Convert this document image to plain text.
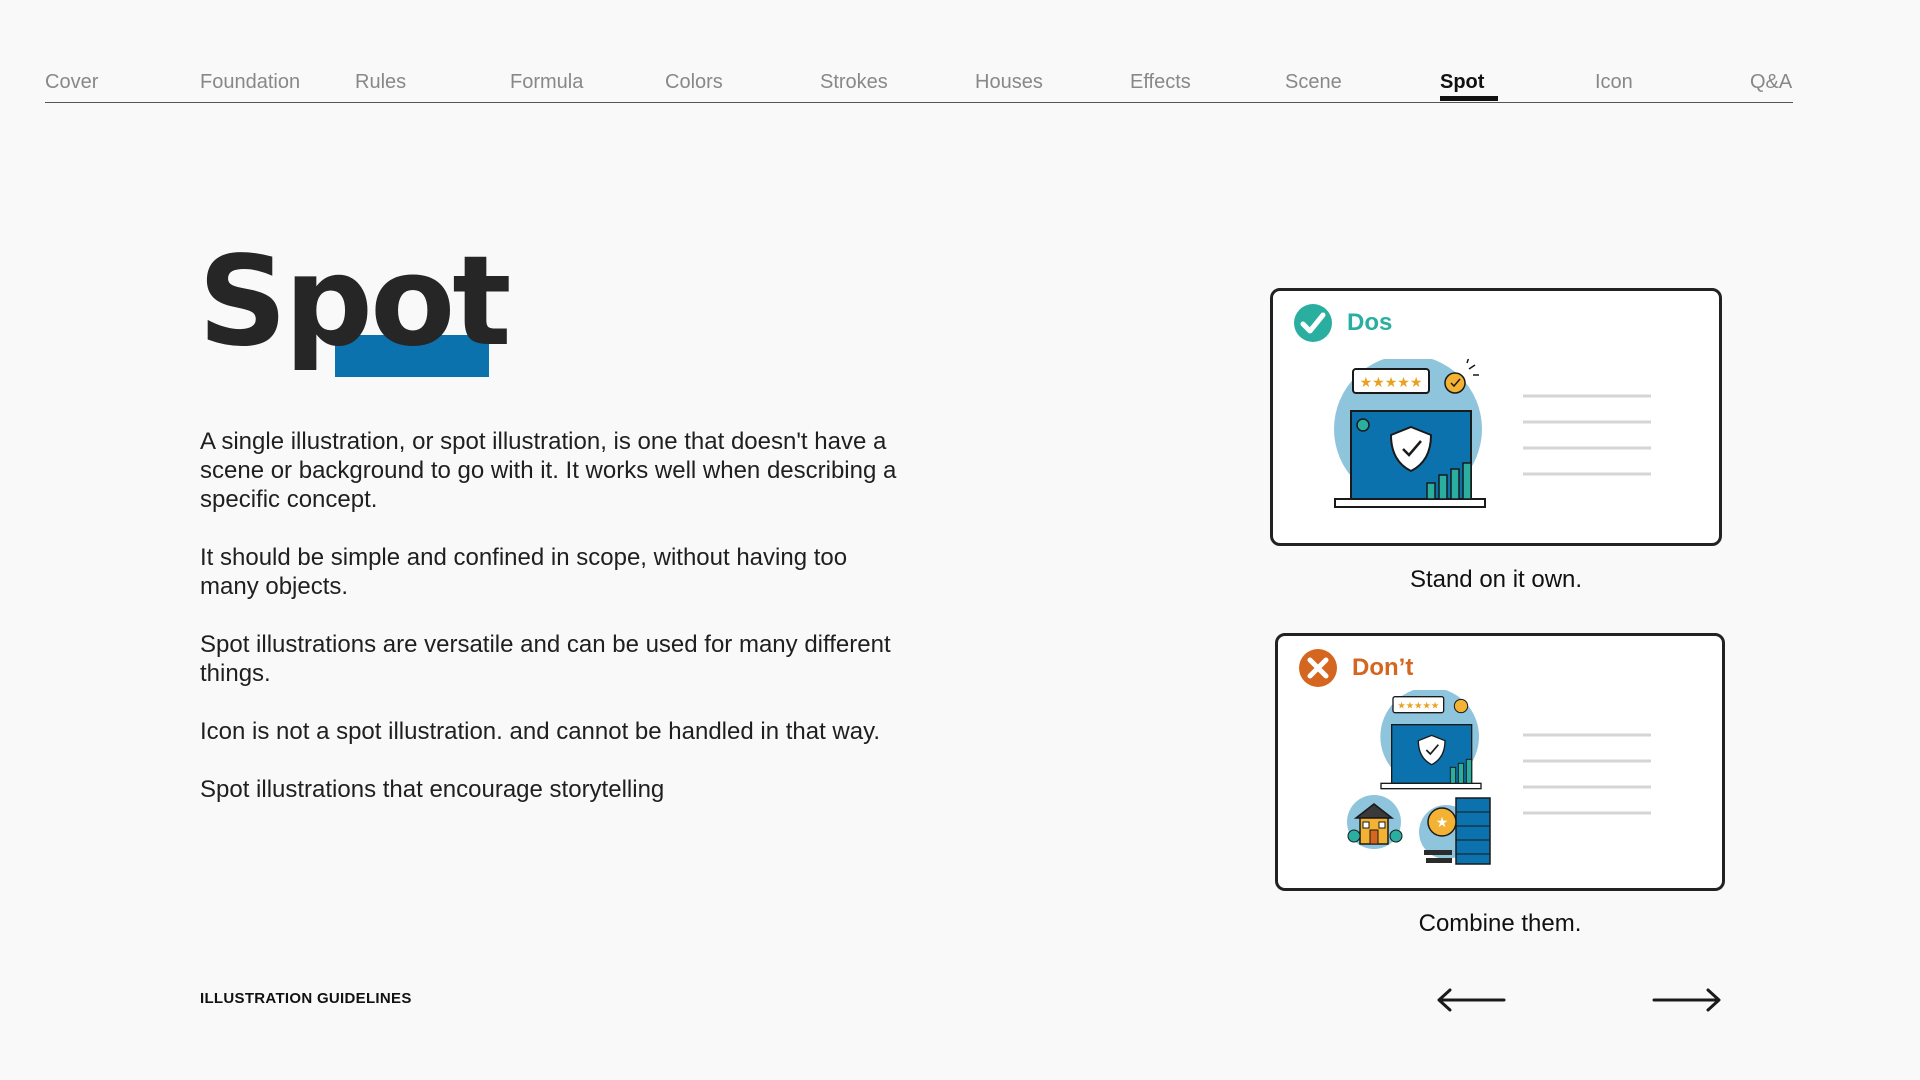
Cover	Foundation	Rules	Formula	Colors	Strokes	Houses	Effects	Scene	Spot	Icon	Q&A
Spot

A single illustration, or spot illustration, is one that doesn't have a scene or background to go with it. It works well when describing a specific concept.

It should be simple and confined in scope, without having too many objects.

Spot illustrations are versatile and can be used for many different things.

Icon is not a spot illustration. and cannot be handled in that way.

Spot illustrations that encourage storytelling

ILLUSTRATION GUIDELINES
Dos
★★★★★
Stand on it own.
Don’t
★★★★★
★
Combine them.
